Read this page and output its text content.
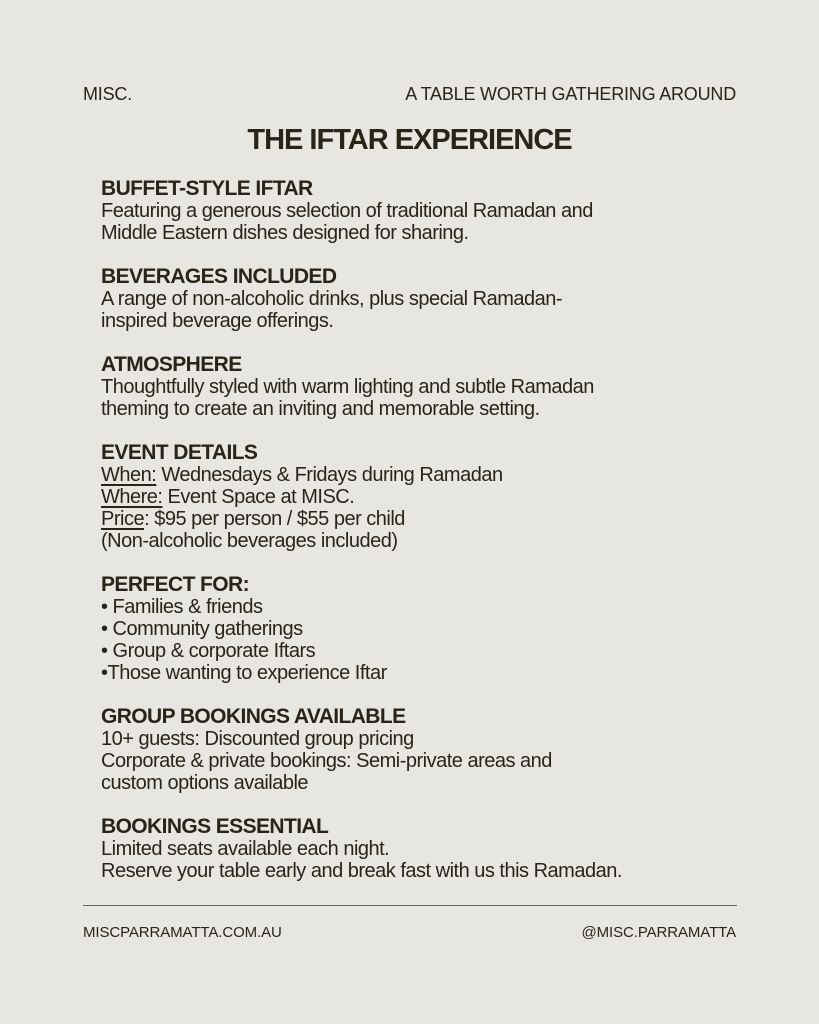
MISC.	A TABLE WORTH GATHERING AROUND
THE IFTAR EXPERIENCE
BUFFET-STYLE IFTAR
Featuring a generous selection of traditional Ramadan and
Middle Eastern dishes designed for sharing.
BEVERAGES INCLUDED
A range of non-alcoholic drinks, plus special Ramadan-
inspired beverage offerings.
ATMOSPHERE
Thoughtfully styled with warm lighting and subtle Ramadan
theming to create an inviting and memorable setting.
EVENT DETAILS
When: Wednesdays & Fridays during Ramadan
Where: Event Space at MISC.
Price: $95 per person / $55 per child
(Non-alcoholic beverages included)
PERFECT FOR:
• Families & friends
• Community gatherings
• Group & corporate Iftars
•Those wanting to experience Iftar
GROUP BOOKINGS AVAILABLE
10+ guests: Discounted group pricing
Corporate & private bookings: Semi-private areas and
custom options available
BOOKINGS ESSENTIAL
Limited seats available each night.
Reserve your table early and break fast with us this Ramadan.
MISCPARRAMATTA.COM.AU	@MISC.PARRAMATTA
